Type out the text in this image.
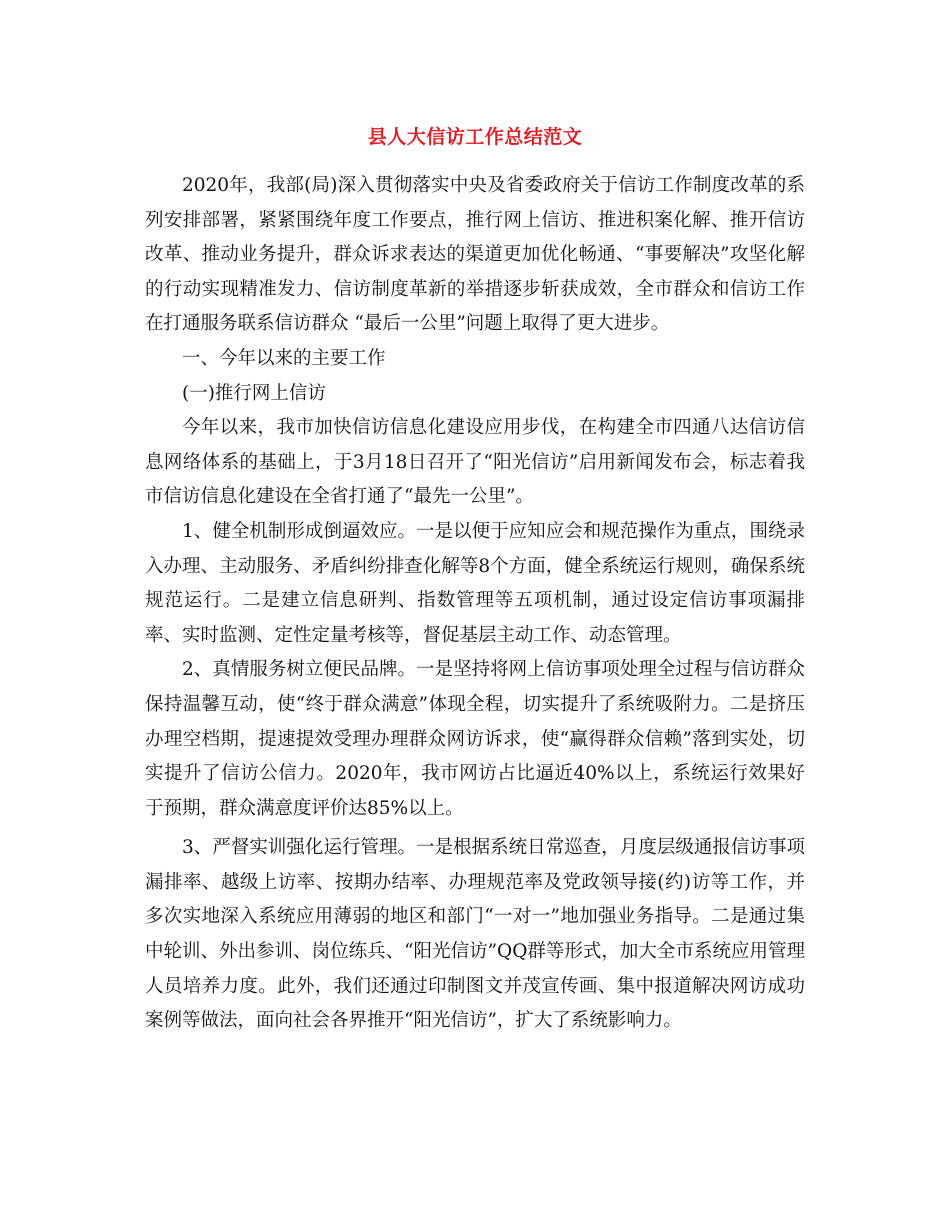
县人大信访工作总结范文

2020年，我部(局)深入贯彻落实中央及省委政府关于信访工作制度改革的系列安排部署，紧紧围绕年度工作要点，推行网上信访、推进积案化解、推开信访改革、推动业务提升，群众诉求表达的渠道更加优化畅通、“事要解决”攻坚化解的行动实现精准发力、信访制度革新的举措逐步斩获成效，全市群众和信访工作在打通服务联系信访群众 “最后一公里”问题上取得了更大进步。

一、今年以来的主要工作

(一)推行网上信访

今年以来，我市加快信访信息化建设应用步伐，在构建全市四通八达信访信息网络体系的基础上，于3月18日召开了“阳光信访”启用新闻发布会，标志着我市信访信息化建设在全省打通了“最先一公里”。

1、健全机制形成倒逼效应。一是以便于应知应会和规范操作为重点，围绕录入办理、主动服务、矛盾纠纷排查化解等8个方面，健全系统运行规则，确保系统规范运行。二是建立信息研判、指数管理等五项机制，通过设定信访事项漏排率、实时监测、定性定量考核等，督促基层主动工作、动态管理。

2、真情服务树立便民品牌。一是坚持将网上信访事项处理全过程与信访群众保持温馨互动，使“终于群众满意”体现全程，切实提升了系统吸附力。二是挤压办理空档期，提速提效受理办理群众网访诉求，使“赢得群众信赖”落到实处，切实提升了信访公信力。2020年，我市网访占比逼近40%以上，系统运行效果好于预期，群众满意度评价达85%以上。

3、严督实训强化运行管理。一是根据系统日常巡查，月度层级通报信访事项漏排率、越级上访率、按期办结率、办理规范率及党政领导接(约)访等工作，并多次实地深入系统应用薄弱的地区和部门“一对一”地加强业务指导。二是通过集中轮训、外出参训、岗位练兵、“阳光信访”QQ群等形式，加大全市系统应用管理人员培养力度。此外，我们还通过印制图文并茂宣传画、集中报道解决网访成功案例等做法，面向社会各界推开“阳光信访”，扩大了系统影响力。
